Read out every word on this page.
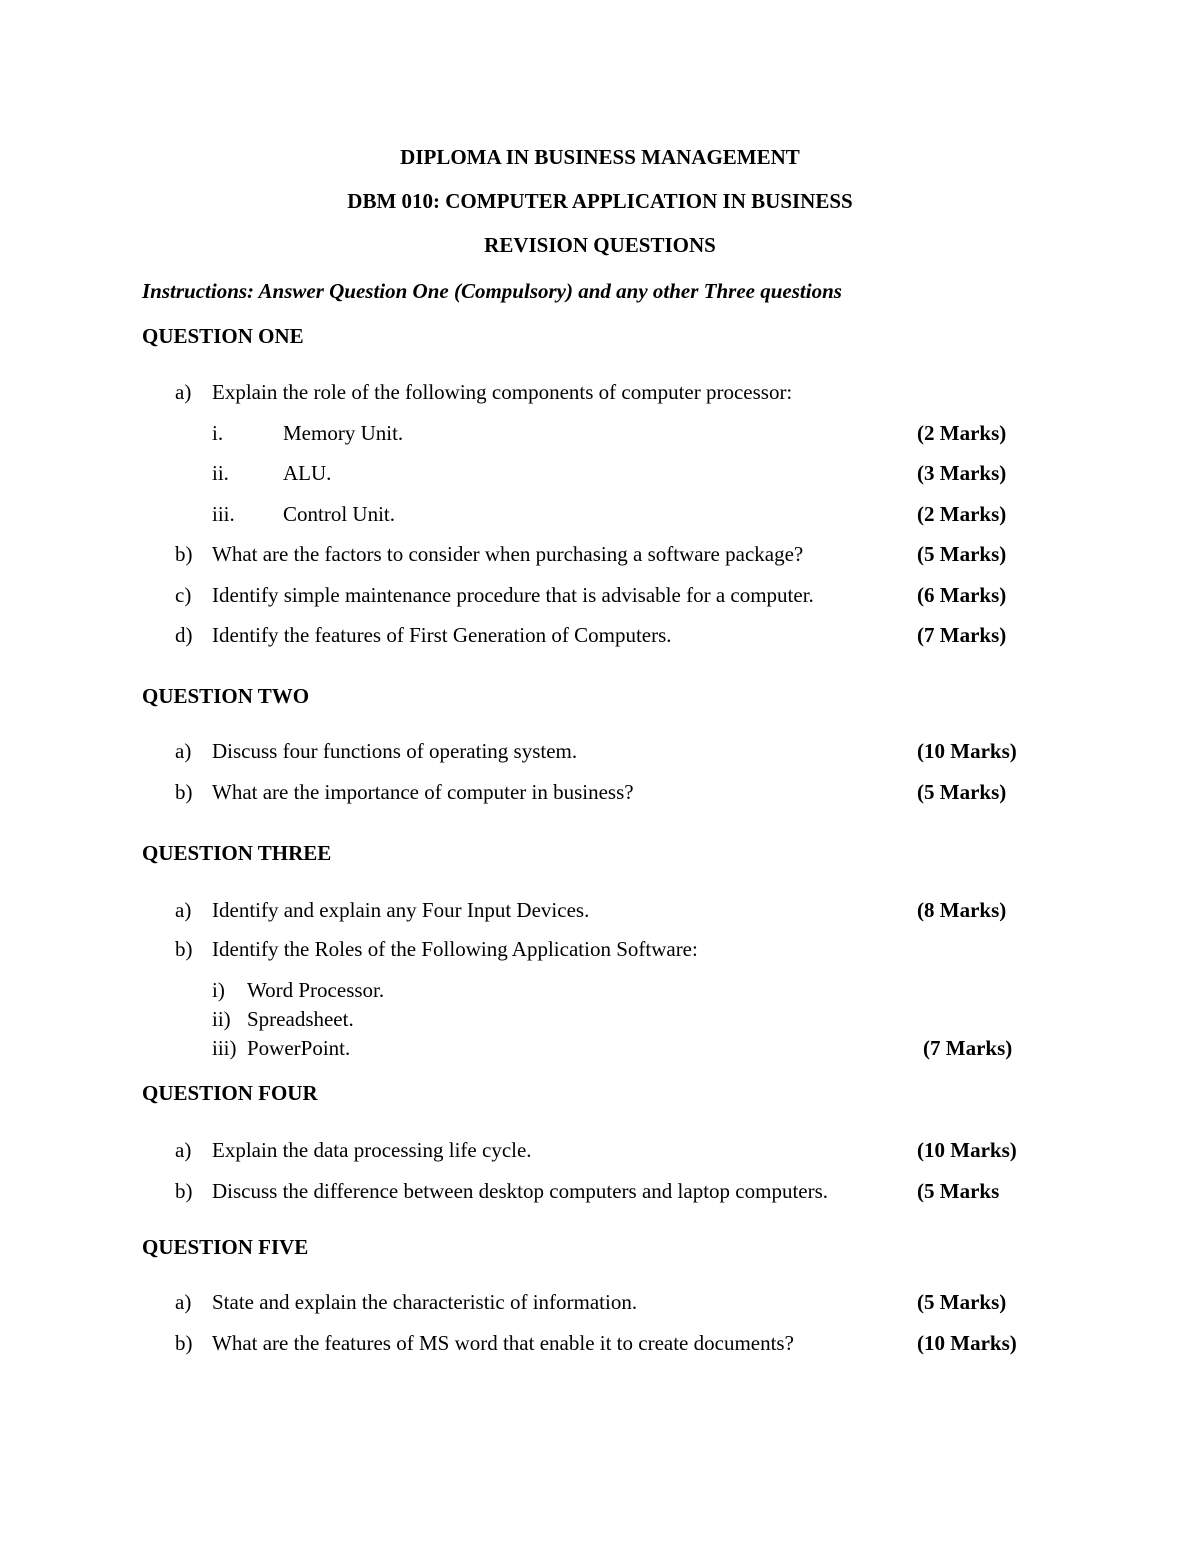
DIPLOMA IN BUSINESS MANAGEMENT
DBM 010: COMPUTER APPLICATION IN BUSINESS
REVISION QUESTIONS
Instructions: Answer Question One (Compulsory) and any other Three questions
QUESTION ONE
a) Explain the role of the following components of computer processor:
i.	Memory Unit.	(2 Marks)
ii.	ALU.	(3 Marks)
iii. Control Unit.	(2 Marks)
b) What are the factors to consider when purchasing a software package?	(5 Marks)
c) Identify simple maintenance procedure that is advisable for a computer.	(6 Marks)
d) Identify the features of First Generation of Computers.	(7 Marks)
QUESTION TWO
a) Discuss four functions of operating system.	(10 Marks)
b) What are the importance of computer in business?	(5 Marks)
QUESTION THREE
a) Identify and explain any Four Input Devices.	(8 Marks)
b) Identify the Roles of the Following Application Software:
i) Word Processor.
ii) Spreadsheet.
iii) PowerPoint.	(7 Marks)
QUESTION FOUR
a) Explain the data processing life cycle.	(10 Marks)
b) Discuss the difference between desktop computers and laptop computers.	(5 Marks
QUESTION FIVE
a) State and explain the characteristic of information.	(5 Marks)
b) What are the features of MS word that enable it to create documents?	(10 Marks)
